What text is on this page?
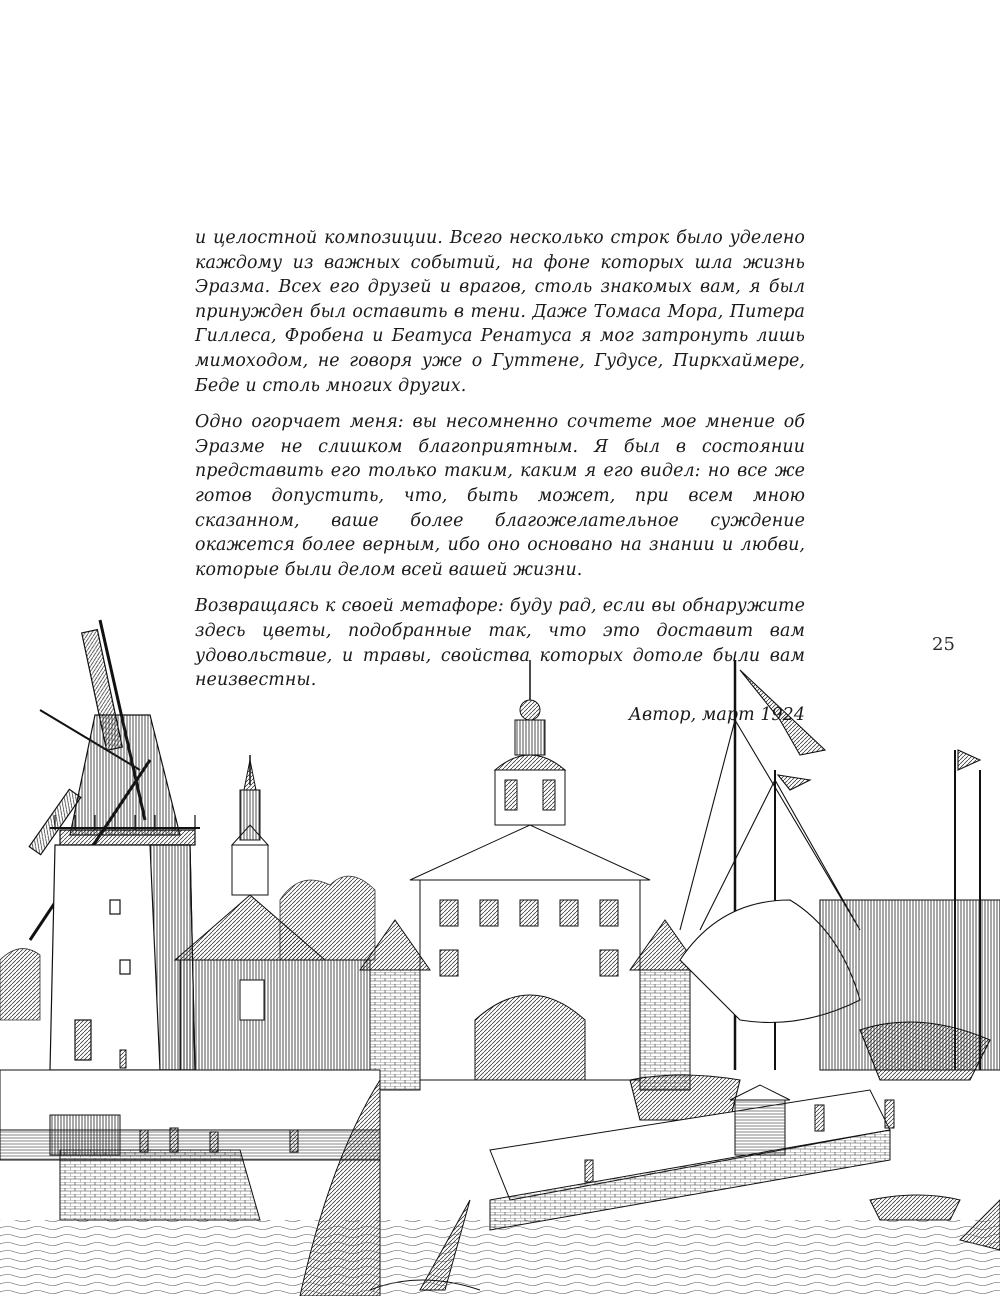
и целостной композиции. Всего несколько строк было уделено каждому из важных событий, на фоне которых шла жизнь Эразма. Всех его друзей и врагов, столь знакомых вам, я был принужден был оставить в тени. Даже Томаса Мора, Питера Гиллеса, Фробена и Беатуса Ренатуса я мог затронуть лишь мимоходом, не говоря уже о Гуттене, Гудусе, Пиркхаймере, Беде и столь многих других.

Одно огорчает меня: вы несомненно сочтете мое мнение об Эразме не слишком благоприятным. Я был в состоянии представить его только таким, каким я его видел: но все же готов допустить, что, быть может, при всем мною сказанном, ваше более благожелательное суждение окажется более верным, ибо оно основано на знании и любви, которые были делом всей вашей жизни.

Возвращаясь к своей метафоре: буду рад, если вы обнаружите здесь цветы, подобранные так, что это доставит вам удовольствие, и травы, свойства которых дотоле были вам неизвестны.

Автор, март 1924
25
